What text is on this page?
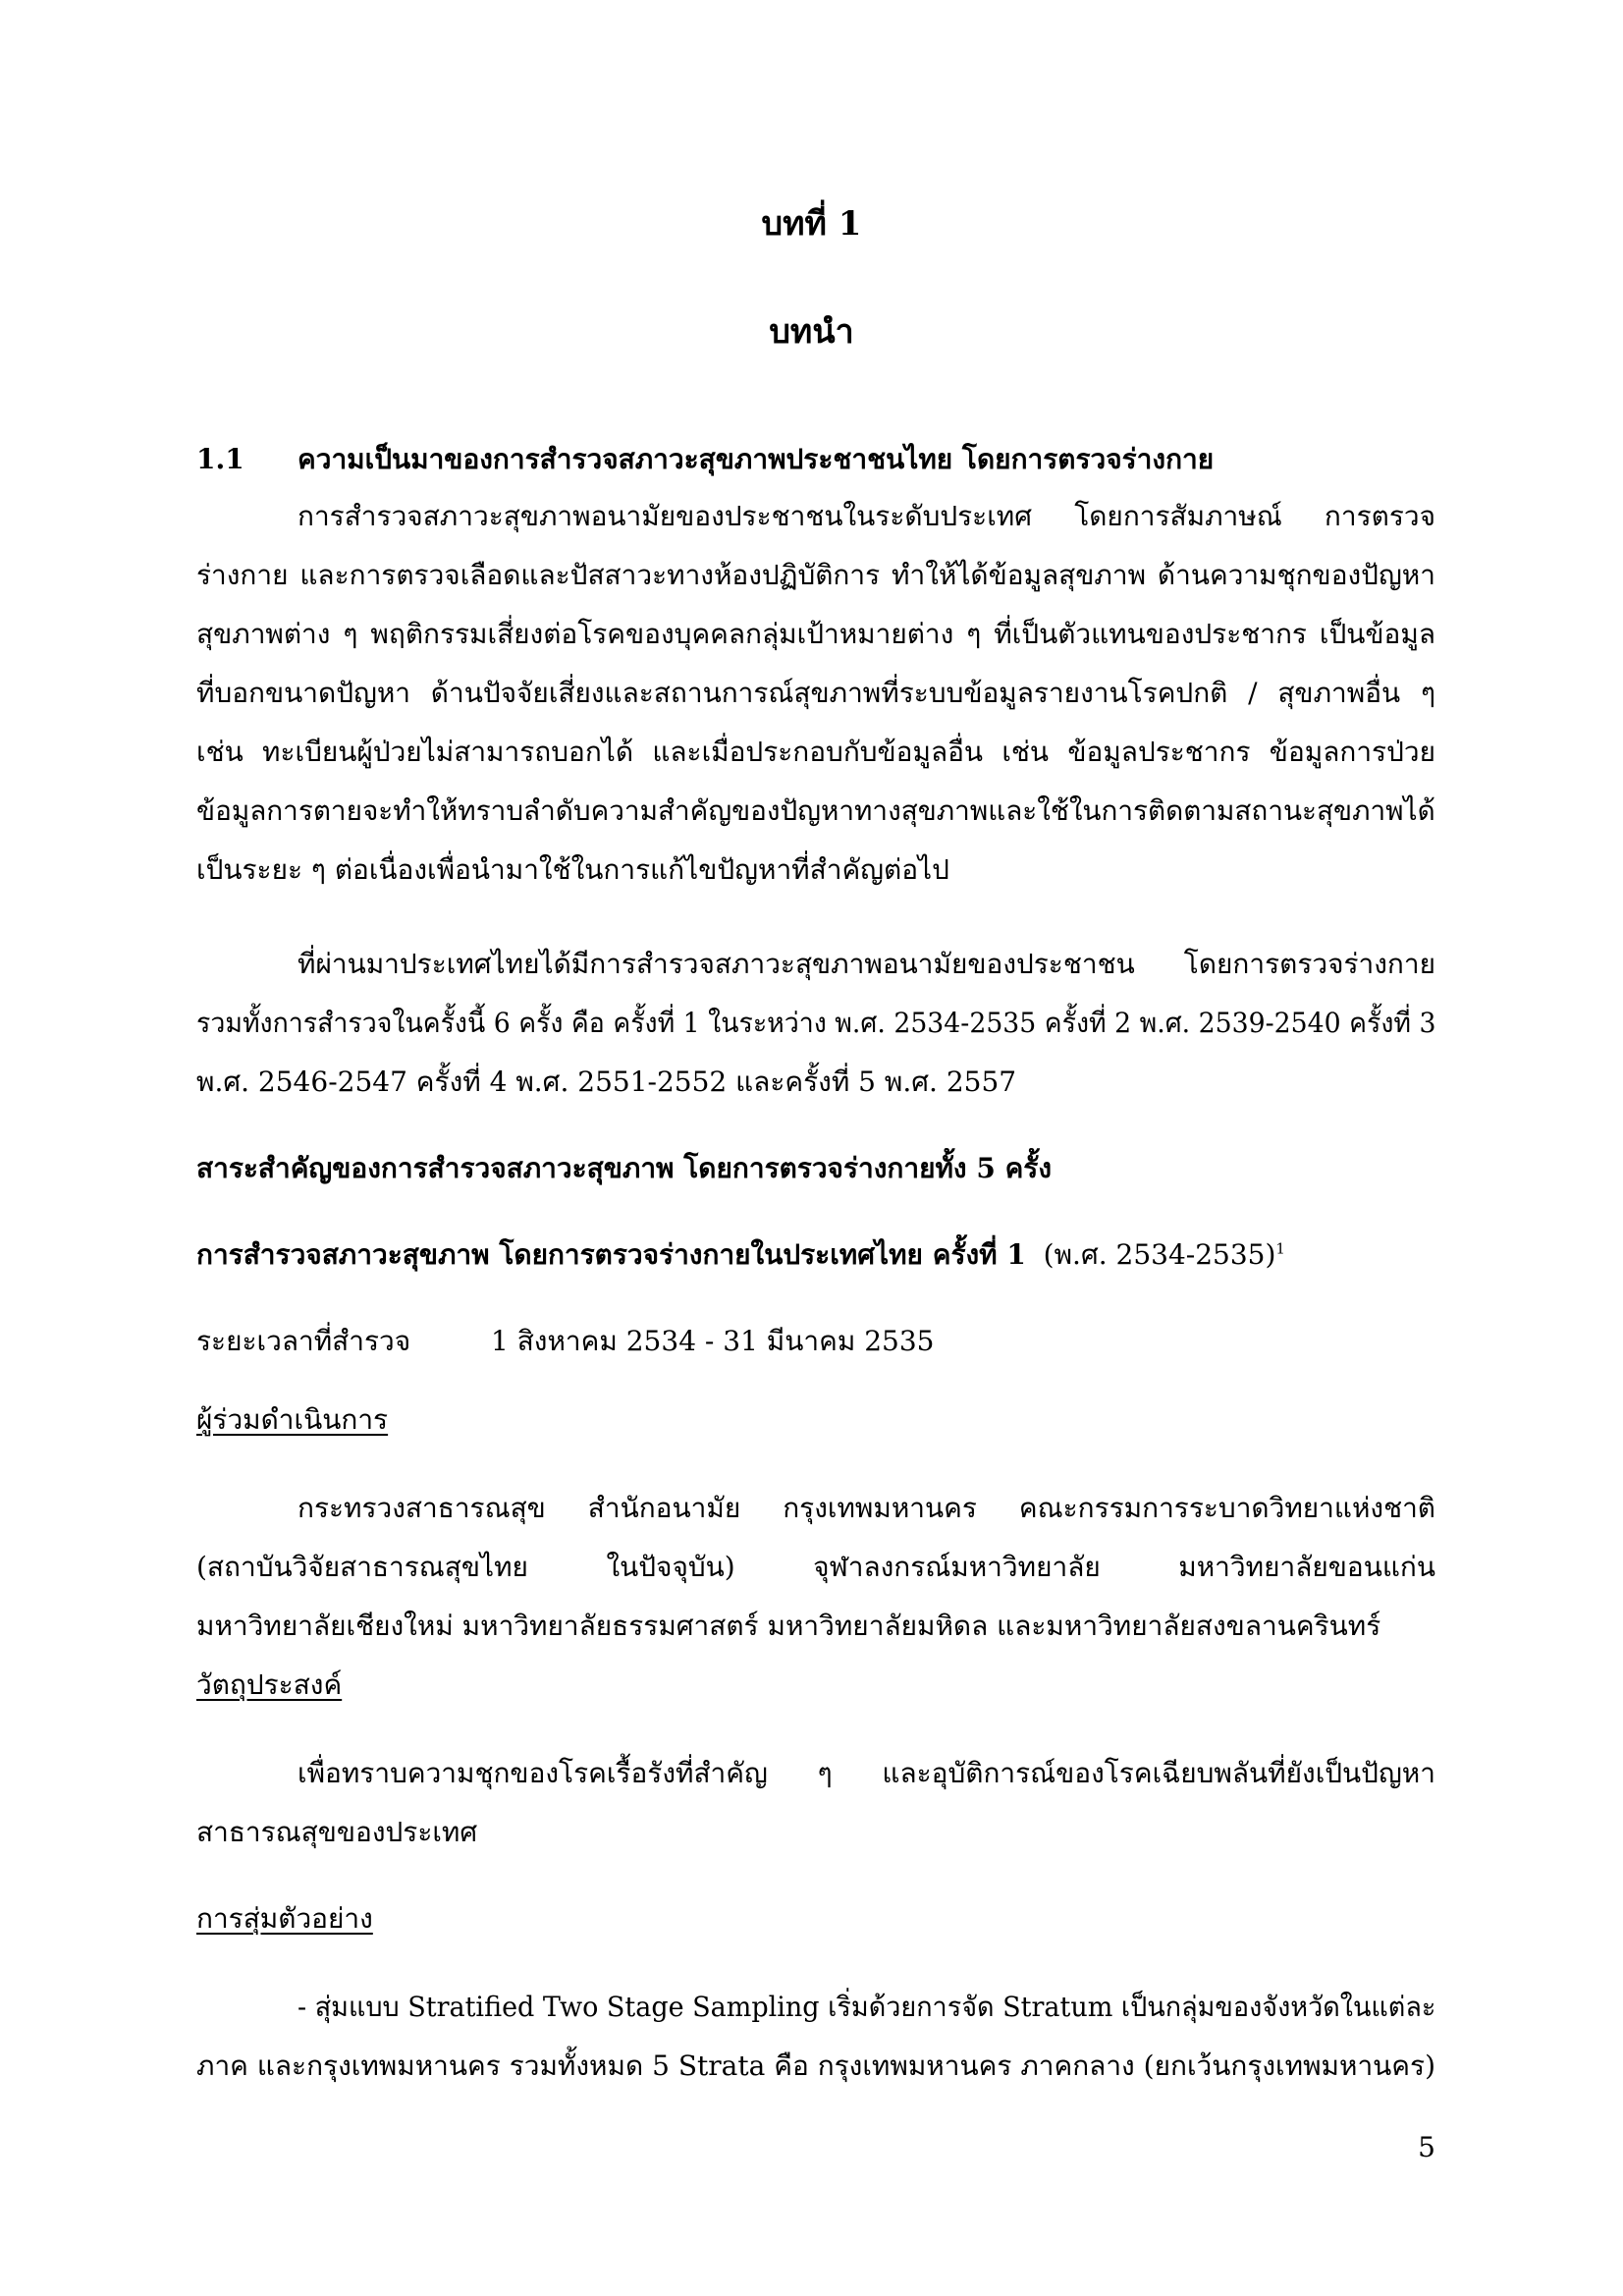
บทที่ 1
บทนำ
1.1 ความเป็นมาของการสำรวจสภาวะสุขภาพประชาชนไทย โดยการตรวจร่างกาย
การสำรวจสภาวะสุขภาพอนามัยของประชาชนในระดับประเทศ โดยการสัมภาษณ์ การตรวจ
ร่างกาย และการตรวจเลือดและปัสสาวะทางห้องปฏิบัติการ ทำให้ได้ข้อมูลสุขภาพ ด้านความชุกของปัญหา
สุขภาพต่าง ๆ พฤติกรรมเสี่ยงต่อโรคของบุคคลกลุ่มเป้าหมายต่าง ๆ ที่เป็นตัวแทนของประชากร เป็นข้อมูล
ที่บอกขนาดปัญหา ด้านปัจจัยเสี่ยงและสถานการณ์สุขภาพที่ระบบข้อมูลรายงานโรคปกติ / สุขภาพอื่น ๆ
เช่น ทะเบียนผู้ป่วยไม่สามารถบอกได้ และเมื่อประกอบกับข้อมูลอื่น เช่น ข้อมูลประชากร ข้อมูลการป่วย
ข้อมูลการตายจะทำให้ทราบลำดับความสำคัญของปัญหาทางสุขภาพและใช้ในการติดตามสถานะสุขภาพได้
เป็นระยะ ๆ ต่อเนื่องเพื่อนำมาใช้ในการแก้ไขปัญหาที่สำคัญต่อไป
ที่ผ่านมาประเทศไทยได้มีการสำรวจสภาวะสุขภาพอนามัยของประชาชน โดยการตรวจร่างกาย
รวมทั้งการสำรวจในครั้งนี้ 6 ครั้ง คือ ครั้งที่ 1 ในระหว่าง พ.ศ. 2534-2535 ครั้งที่ 2 พ.ศ. 2539-2540 ครั้งที่ 3
พ.ศ. 2546-2547 ครั้งที่ 4 พ.ศ. 2551-2552 และครั้งที่ 5 พ.ศ. 2557
สาระสำคัญของการสำรวจสภาวะสุขภาพ โดยการตรวจร่างกายทั้ง 5 ครั้ง
การสำรวจสภาวะสุขภาพ โดยการตรวจร่างกายในประเทศไทย ครั้งที่ 1 (พ.ศ. 2534-2535)$^1$
ระยะเวลาที่สำรวจ	1 สิงหาคม 2534 - 31 มีนาคม 2535
ผู้ร่วมดำเนินการ
กระทรวงสาธารณสุข สำนักอนามัย กรุงเทพมหานคร คณะกรรมการระบาดวิทยาแห่งชาติ
(สถาบันวิจัยสาธารณสุขไทย ในปัจจุบัน) จุฬาลงกรณ์มหาวิทยาลัย มหาวิทยาลัยขอนแก่น
มหาวิทยาลัยเชียงใหม่ มหาวิทยาลัยธรรมศาสตร์ มหาวิทยาลัยมหิดล และมหาวิทยาลัยสงขลานครินทร์
วัตถุประสงค์
เพื่อทราบความชุกของโรคเรื้อรังที่สำคัญ ๆ และอุบัติการณ์ของโรคเฉียบพลันที่ยังเป็นปัญหา
สาธารณสุขของประเทศ
การสุ่มตัวอย่าง
- สุ่มแบบ Stratified Two Stage Sampling เริ่มด้วยการจัด Stratum เป็นกลุ่มของจังหวัดในแต่ละ
ภาค และกรุงเทพมหานคร รวมทั้งหมด 5 Strata คือ กรุงเทพมหานคร ภาคกลาง (ยกเว้นกรุงเทพมหานคร)
5
